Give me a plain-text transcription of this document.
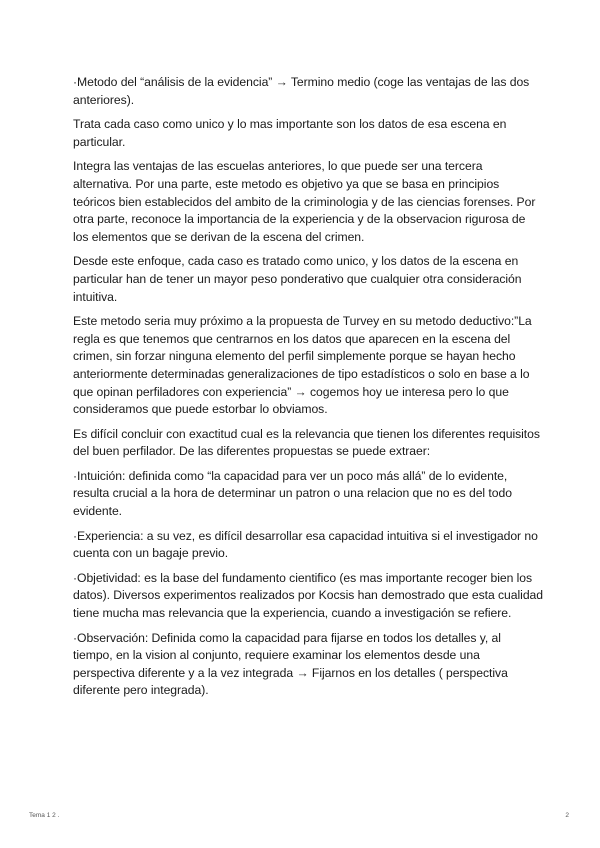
·Metodo del “análisis de la evidencia” → Termino medio (coge las ventajas de las dos anteriores).

Trata cada caso como unico y lo mas importante son los datos de esa escena en particular.

Integra las ventajas de las escuelas anteriores, lo que puede ser una tercera alternativa. Por una parte, este metodo es objetivo ya que se basa en principios teóricos bien establecidos del ambito de la criminologia y de las ciencias forenses. Por otra parte, reconoce la importancia de la experiencia y de la observacion rigurosa de los elementos que se derivan de la escena del crimen.

Desde este enfoque, cada caso es tratado como unico, y los datos de la escena en particular han de tener un mayor peso ponderativo que cualquier otra consideración intuitiva.

Este metodo seria muy próximo a la propuesta de Turvey en su metodo deductivo:”La regla es que tenemos que centrarnos en los datos que aparecen en la escena del crimen, sin forzar ninguna elemento del perfil simplemente porque se hayan hecho anteriormente determinadas generalizaciones de tipo estadísticos o solo en base a lo que opinan perfiladores con experiencia” → cogemos hoy ue interesa pero lo que consideramos que puede estorbar lo obviamos.

Es difícil concluir con exactitud cual es la relevancia que tienen los diferentes requisitos del buen perfilador. De las diferentes propuestas se puede extraer:

·Intuición: definida como “la capacidad para ver un poco más allá” de lo evidente, resulta crucial a la hora de determinar un patron o una relacion que no es del todo evidente.

·Experiencia: a su vez, es difícil desarrollar esa capacidad intuitiva si el investigador no cuenta con un bagaje previo.

·Objetividad: es la base del fundamento cientifico (es mas importante recoger bien los datos). Diversos experimentos realizados por Kocsis han demostrado que esta cualidad tiene mucha mas relevancia que la experiencia, cuando a investigación se refiere.

·Observación: Definida como la capacidad para fijarse en todos los detalles y, al tiempo, en la vision al conjunto, requiere examinar los elementos desde una perspectiva diferente y a la vez integrada → Fijarnos en los detalles ( perspectiva diferente pero integrada).

Tema 1 2 .	2
